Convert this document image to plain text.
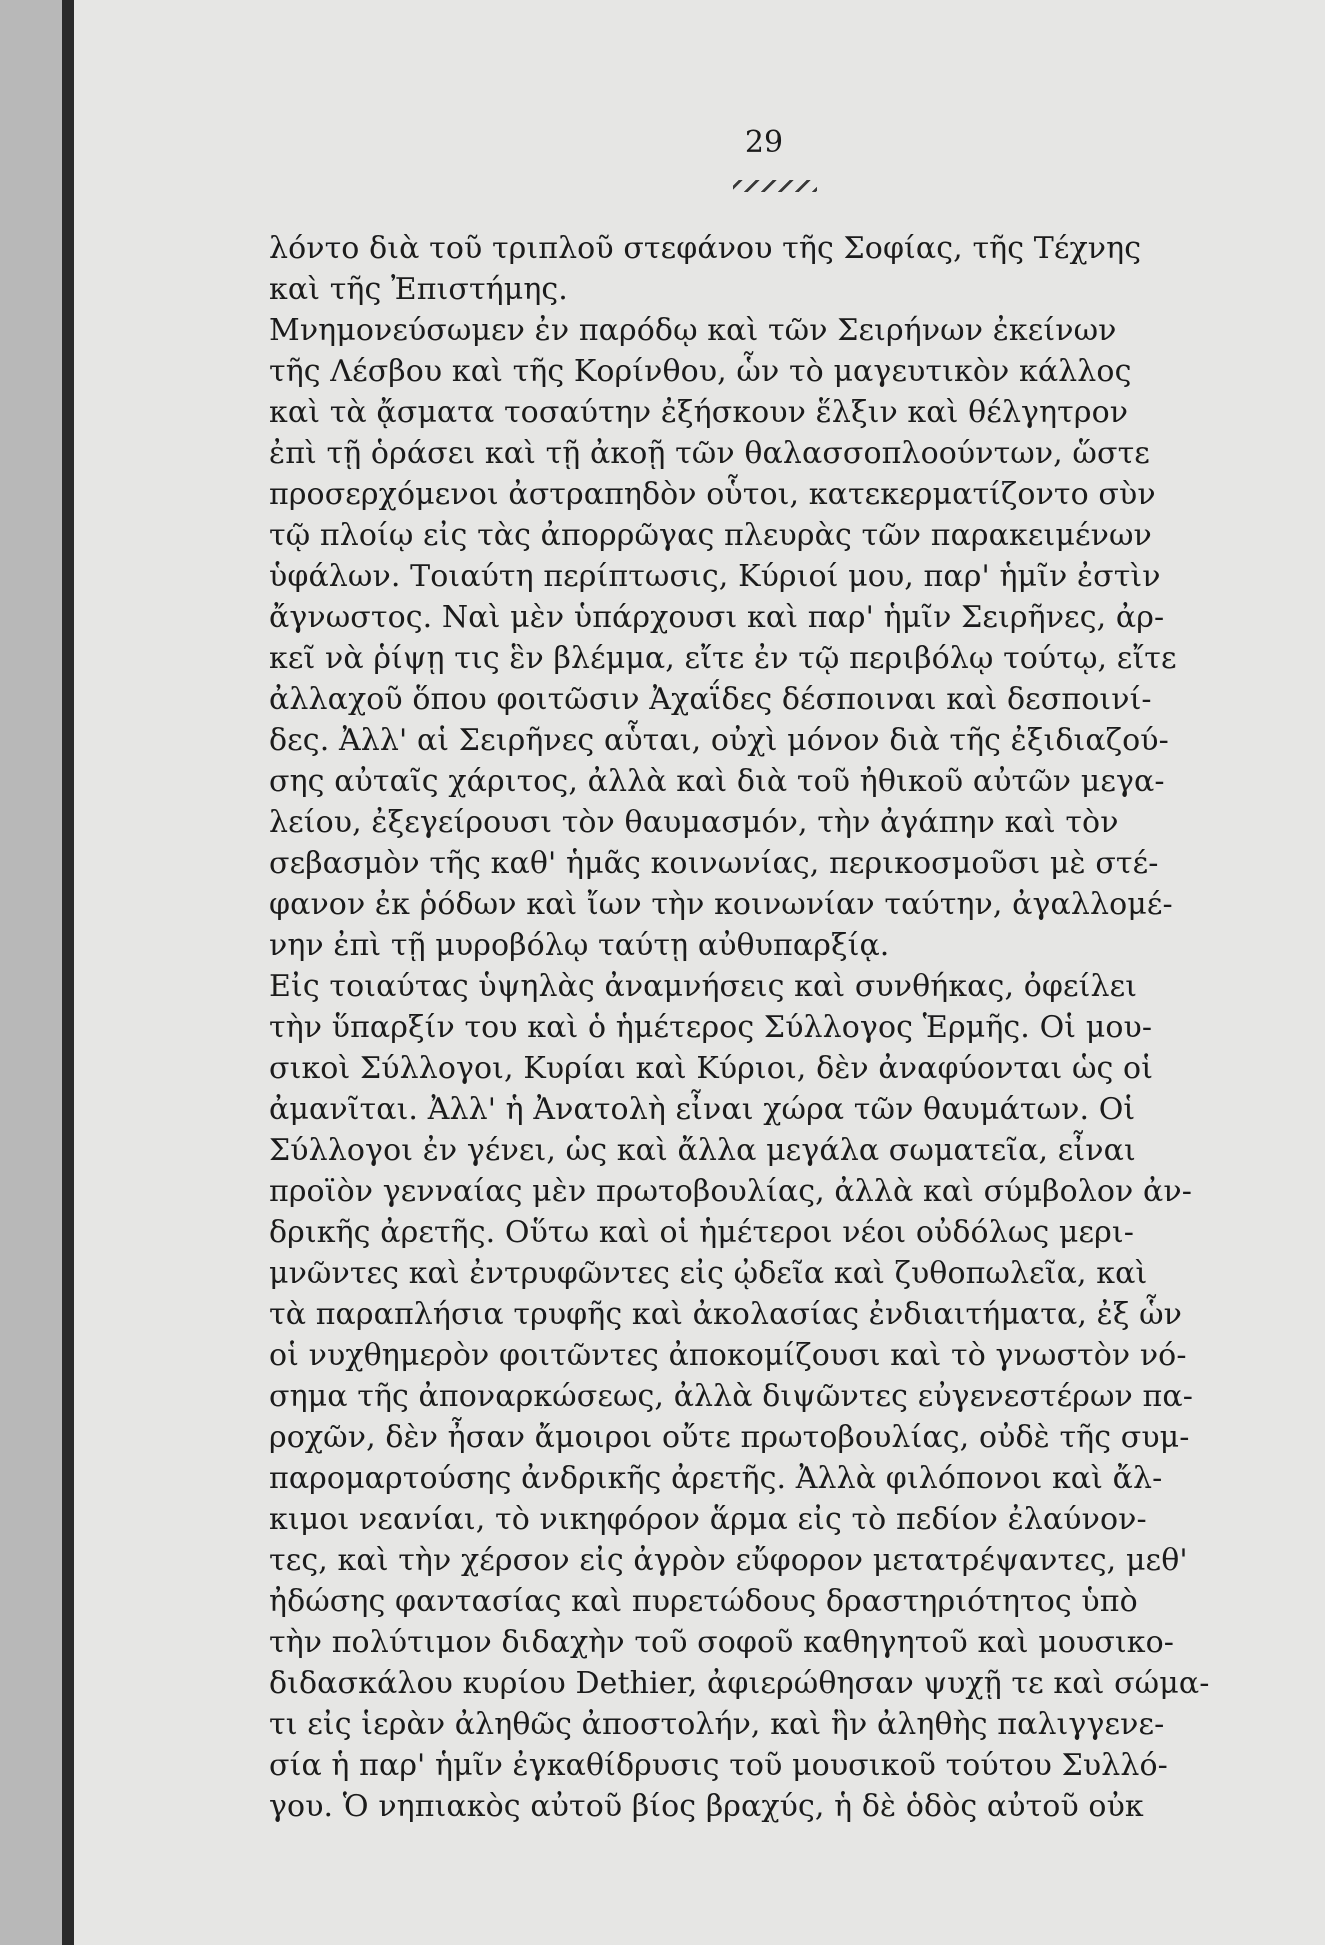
29
λόντο διὰ τοῦ τριπλοῦ στεφάνου τῆς Σοφίας, τῆς Τέχνης
καὶ τῆς Ἐπιστήμης.
Μνημονεύσωμεν ἐν παρόδῳ καὶ τῶν Σειρήνων ἐκείνων
τῆς Λέσβου καὶ τῆς Κορίνθου, ὧν τὸ μαγευτικὸν κάλλος
καὶ τὰ ᾄσματα τοσαύτην ἐξήσκουν ἕλξιν καὶ θέλγητρον
ἐπὶ τῇ ὁράσει καὶ τῇ ἀκοῇ τῶν θαλασσοπλοούντων, ὥστε
προσερχόμενοι ἀστραπηδὸν οὗτοι, κατεκερματίζοντο σὺν
τῷ πλοίῳ εἰς τὰς ἀπορρῶγας πλευρὰς τῶν παρακειμένων
ὑφάλων. Τοιαύτη περίπτωσις, Κύριοί μου, παρ' ἡμῖν ἐστὶν
ἄγνωστος. Ναὶ μὲν ὑπάρχουσι καὶ παρ' ἡμῖν Σειρῆνες, ἀρ-
κεῖ νὰ ῥίψῃ τις ἓν βλέμμα, εἴτε ἐν τῷ περιβόλῳ τούτῳ, εἴτε
ἀλλαχοῦ ὅπου φοιτῶσιν Ἀχαΐδες δέσποιναι καὶ δεσποινί-
δες. Ἀλλ' αἱ Σειρῆνες αὗται, οὐχὶ μόνον διὰ τῆς ἐξιδιαζού-
σης αὐταῖς χάριτος, ἀλλὰ καὶ διὰ τοῦ ἠθικοῦ αὐτῶν μεγα-
λείου, ἐξεγείρουσι τὸν θαυμασμόν, τὴν ἀγάπην καὶ τὸν
σεβασμὸν τῆς καθ' ἡμᾶς κοινωνίας, περικοσμοῦσι μὲ στέ-
φανον ἐκ ῥόδων καὶ ἴων τὴν κοινωνίαν ταύτην, ἀγαλλομέ-
νην ἐπὶ τῇ μυροβόλῳ ταύτῃ αὐθυπαρξίᾳ.
Εἰς τοιαύτας ὑψηλὰς ἀναμνήσεις καὶ συνθήκας, ὀφείλει
τὴν ὕπαρξίν του καὶ ὁ ἡμέτερος Σύλλογος Ἑρμῆς. Οἱ μου-
σικοὶ Σύλλογοι, Κυρίαι καὶ Κύριοι, δὲν ἀναφύονται ὡς οἱ
ἀμανῖται. Ἀλλ' ἡ Ἀνατολὴ εἶναι χώρα τῶν θαυμάτων. Οἱ
Σύλλογοι ἐν γένει, ὡς καὶ ἄλλα μεγάλα σωματεῖα, εἶναι
προϊὸν γενναίας μὲν πρωτοβουλίας, ἀλλὰ καὶ σύμβολον ἀν-
δρικῆς ἀρετῆς. Οὕτω καὶ οἱ ἡμέτεροι νέοι οὐδόλως μερι-
μνῶντες καὶ ἐντρυφῶντες εἰς ᾠδεῖα καὶ ζυθοπωλεῖα, καὶ
τὰ παραπλήσια τρυφῆς καὶ ἀκολασίας ἐνδιαιτήματα, ἐξ ὧν
οἱ νυχθημερὸν φοιτῶντες ἀποκομίζουσι καὶ τὸ γνωστὸν νό-
σημα τῆς ἀποναρκώσεως, ἀλλὰ διψῶντες εὐγενεστέρων πα-
ροχῶν, δὲν ἦσαν ἄμοιροι οὔτε πρωτοβουλίας, οὐδὲ τῆς συμ-
παρομαρτούσης ἀνδρικῆς ἀρετῆς. Ἀλλὰ φιλόπονοι καὶ ἄλ-
κιμοι νεανίαι, τὸ νικηφόρον ἅρμα εἰς τὸ πεδίον ἐλαύνον-
τες, καὶ τὴν χέρσον εἰς ἀγρὸν εὔφορον μετατρέψαντες, μεθ'
ἠδώσης φαντασίας καὶ πυρετώδους δραστηριότητος ὑπὸ
τὴν πολύτιμον διδαχὴν τοῦ σοφοῦ καθηγητοῦ καὶ μουσικο-
διδασκάλου κυρίου Dethier, ἀφιερώθησαν ψυχῇ τε καὶ σώμα-
τι εἰς ἱερὰν ἀληθῶς ἀποστολήν, καὶ ἣν ἀληθὴς παλιγγενε-
σία ἡ παρ' ἡμῖν ἐγκαθίδρυσις τοῦ μουσικοῦ τούτου Συλλό-
γου. Ὁ νηπιακὸς αὐτοῦ βίος βραχύς, ἡ δὲ ὁδὸς αὐτοῦ οὐκ
